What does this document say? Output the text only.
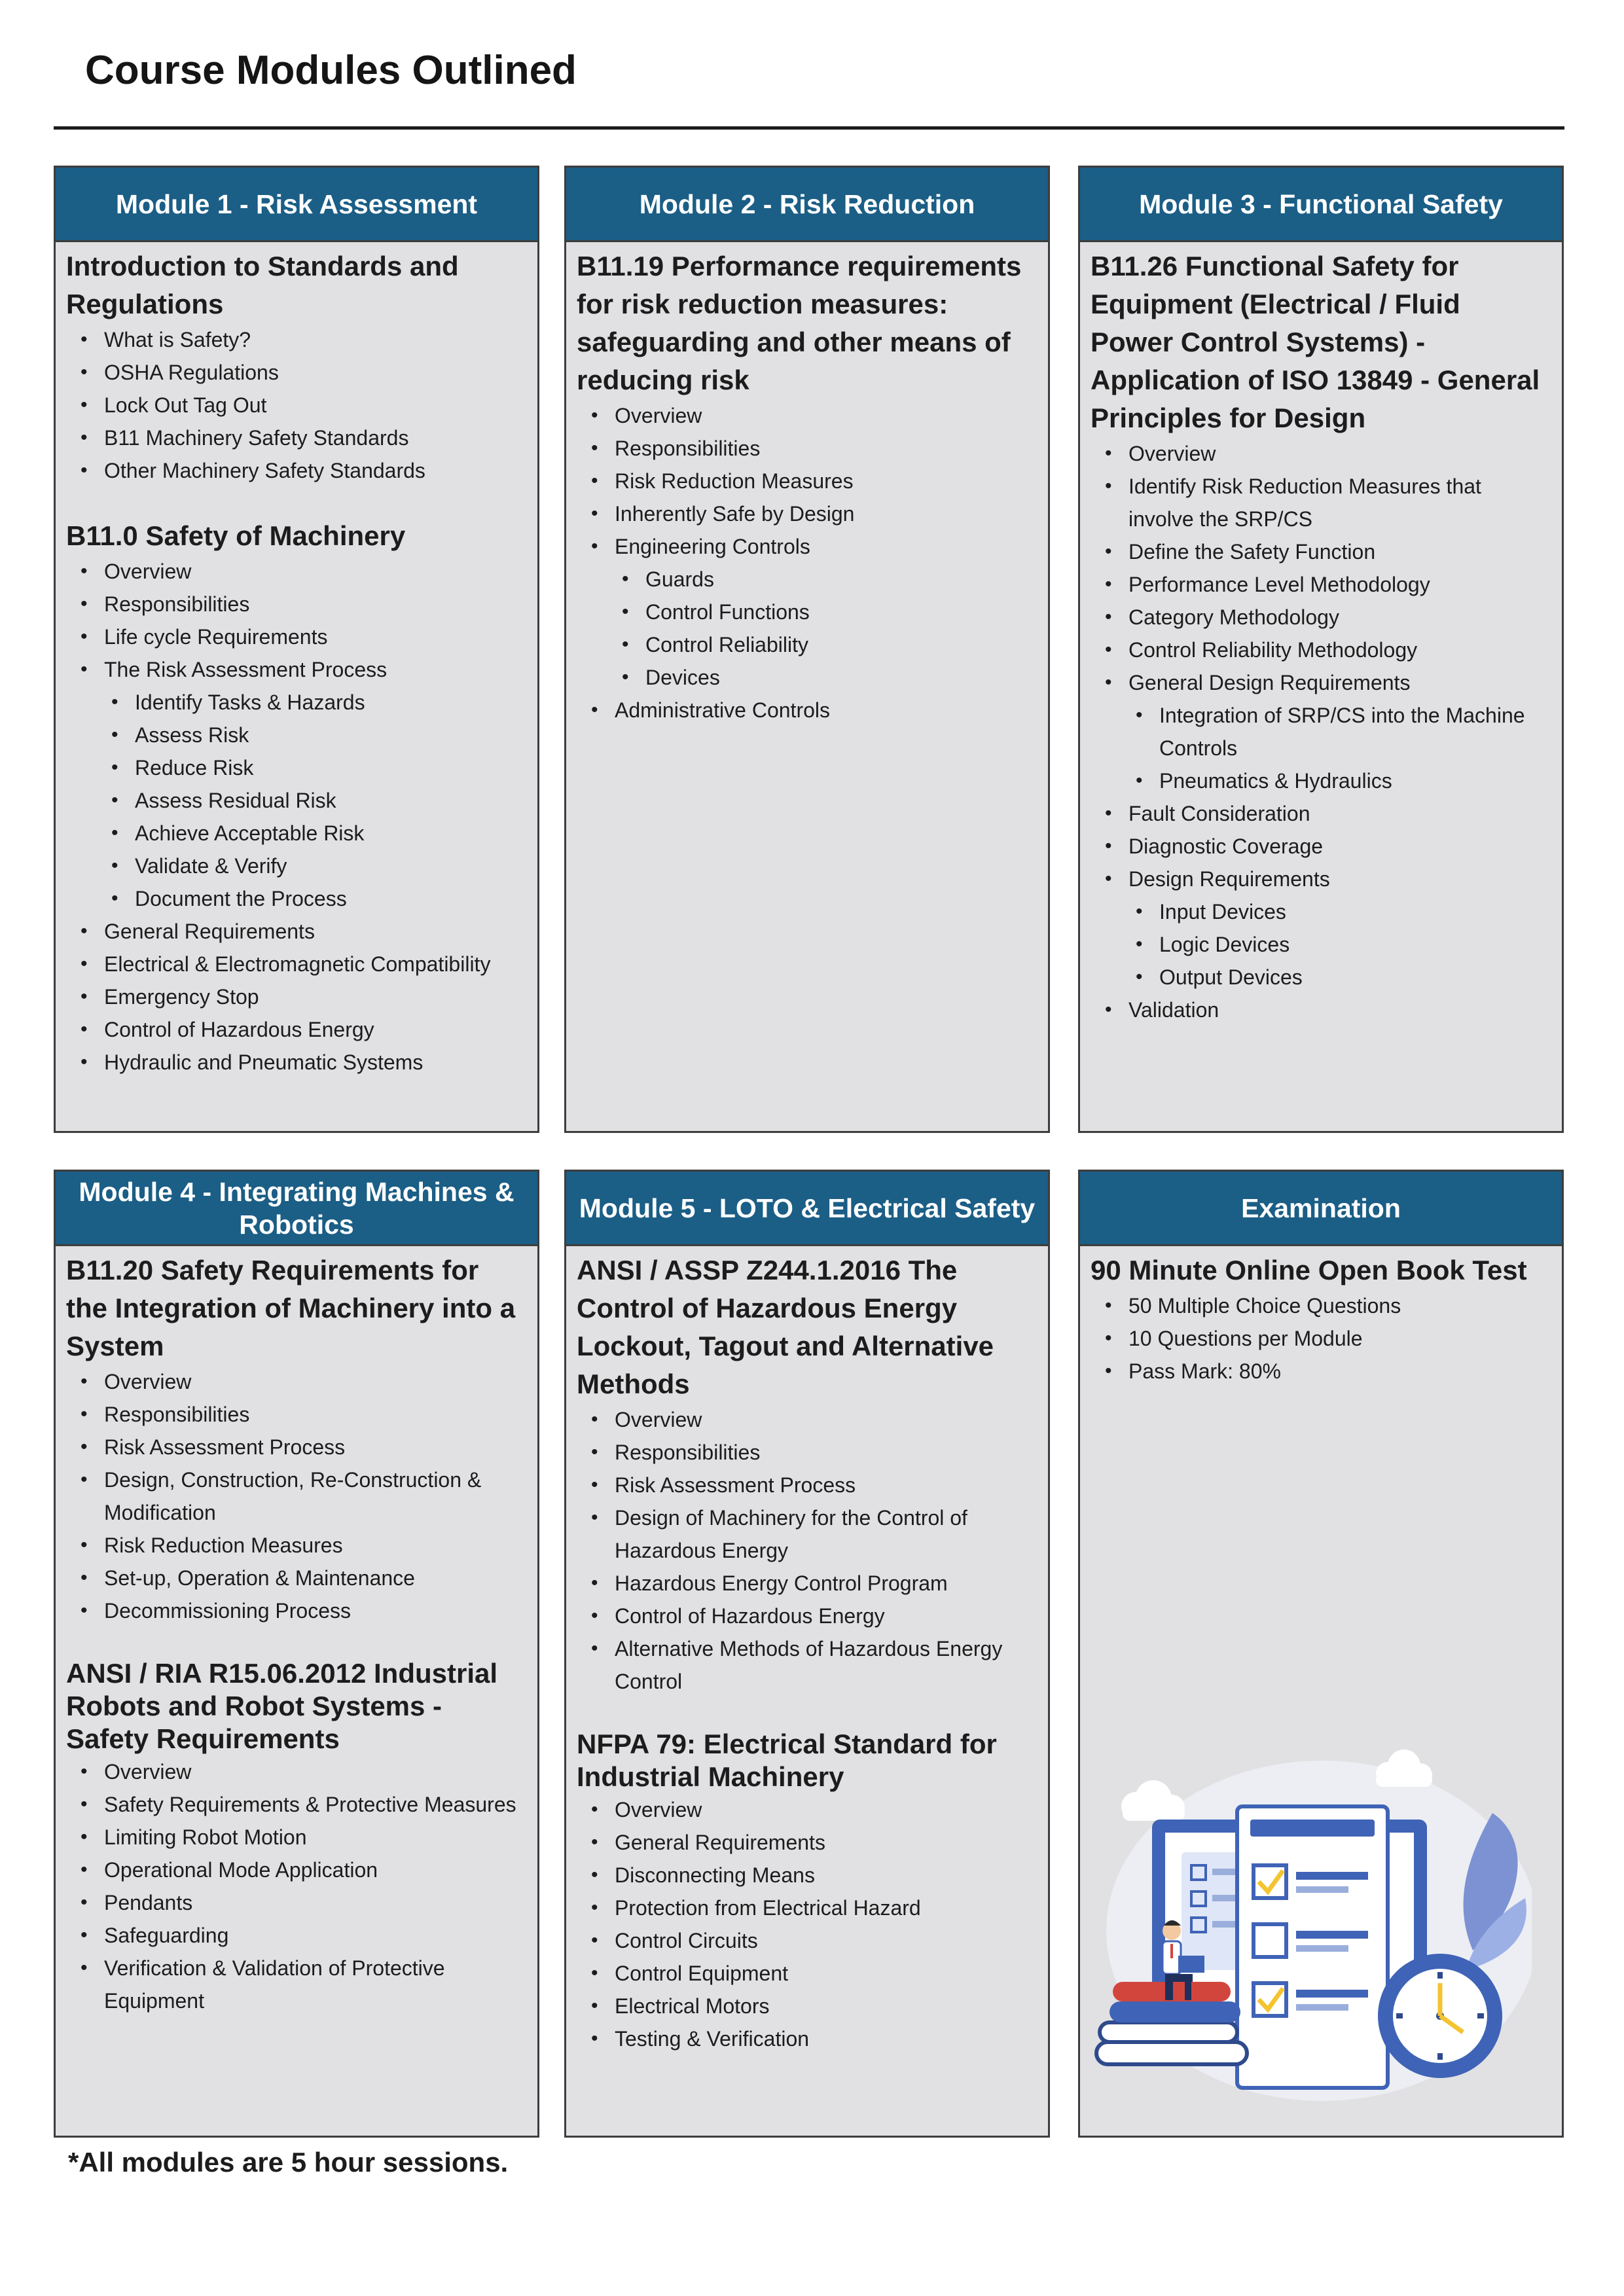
Course Modules Outlined
Module 1 - Risk Assessment
Introduction to Standards and Regulations
• What is Safety?
• OSHA Regulations
• Lock Out Tag Out
• B11 Machinery Safety Standards
• Other Machinery Safety Standards
B11.0 Safety of Machinery
• Overview
• Responsibilities
• Life cycle Requirements
• The Risk Assessment Process
• Identify Tasks & Hazards
• Assess Risk
• Reduce Risk
• Assess Residual Risk
• Achieve Acceptable Risk
• Validate & Verify
• Document the Process
• General Requirements
• Electrical & Electromagnetic Compatibility
• Emergency Stop
• Control of Hazardous Energy
• Hydraulic and Pneumatic Systems
Module 2 - Risk Reduction
B11.19 Performance requirements for risk reduction measures: safeguarding and other means of reducing risk
• Overview
• Responsibilities
• Risk Reduction Measures
• Inherently Safe by Design
• Engineering Controls
• Guards
• Control Functions
• Control Reliability
• Devices
• Administrative Controls
Module 3 - Functional Safety
B11.26 Functional Safety for Equipment (Electrical / Fluid Power Control Systems) - Application of ISO 13849 - General Principles for Design
• Overview
• Identify Risk Reduction Measures that involve the SRP/CS
• Define the Safety Function
• Performance Level Methodology
• Category Methodology
• Control Reliability Methodology
• General Design Requirements
• Integration of SRP/CS into the Machine Controls
• Pneumatics & Hydraulics
• Fault Consideration
• Diagnostic Coverage
• Design Requirements
• Input Devices
• Logic Devices
• Output Devices
• Validation
Module 4 - Integrating Machines & Robotics
B11.20 Safety Requirements for the Integration of Machinery into a System
• Overview
• Responsibilities
• Risk Assessment Process
• Design, Construction, Re-Construction & Modification
• Risk Reduction Measures
• Set-up, Operation & Maintenance
• Decommissioning Process
ANSI / RIA R15.06.2012 Industrial Robots and Robot Systems - Safety Requirements
• Overview
• Safety Requirements & Protective Measures
• Limiting Robot Motion
• Operational Mode Application
• Pendants
• Safeguarding
• Verification & Validation of Protective Equipment
Module 5 - LOTO & Electrical Safety
ANSI / ASSP Z244.1.2016 The Control of Hazardous Energy Lockout, Tagout and Alternative Methods
• Overview
• Responsibilities
• Risk Assessment Process
• Design of Machinery for the Control of Hazardous Energy
• Hazardous Energy Control Program
• Control of Hazardous Energy
• Alternative Methods of Hazardous Energy Control
NFPA 79: Electrical Standard for Industrial Machinery
• Overview
• General Requirements
• Disconnecting Means
• Protection from Electrical Hazard
• Control Circuits
• Control Equipment
• Electrical Motors
• Testing & Verification
Examination
90 Minute Online Open Book Test
• 50 Multiple Choice Questions
• 10 Questions per Module
• Pass Mark: 80%

*All modules are 5 hour sessions.
